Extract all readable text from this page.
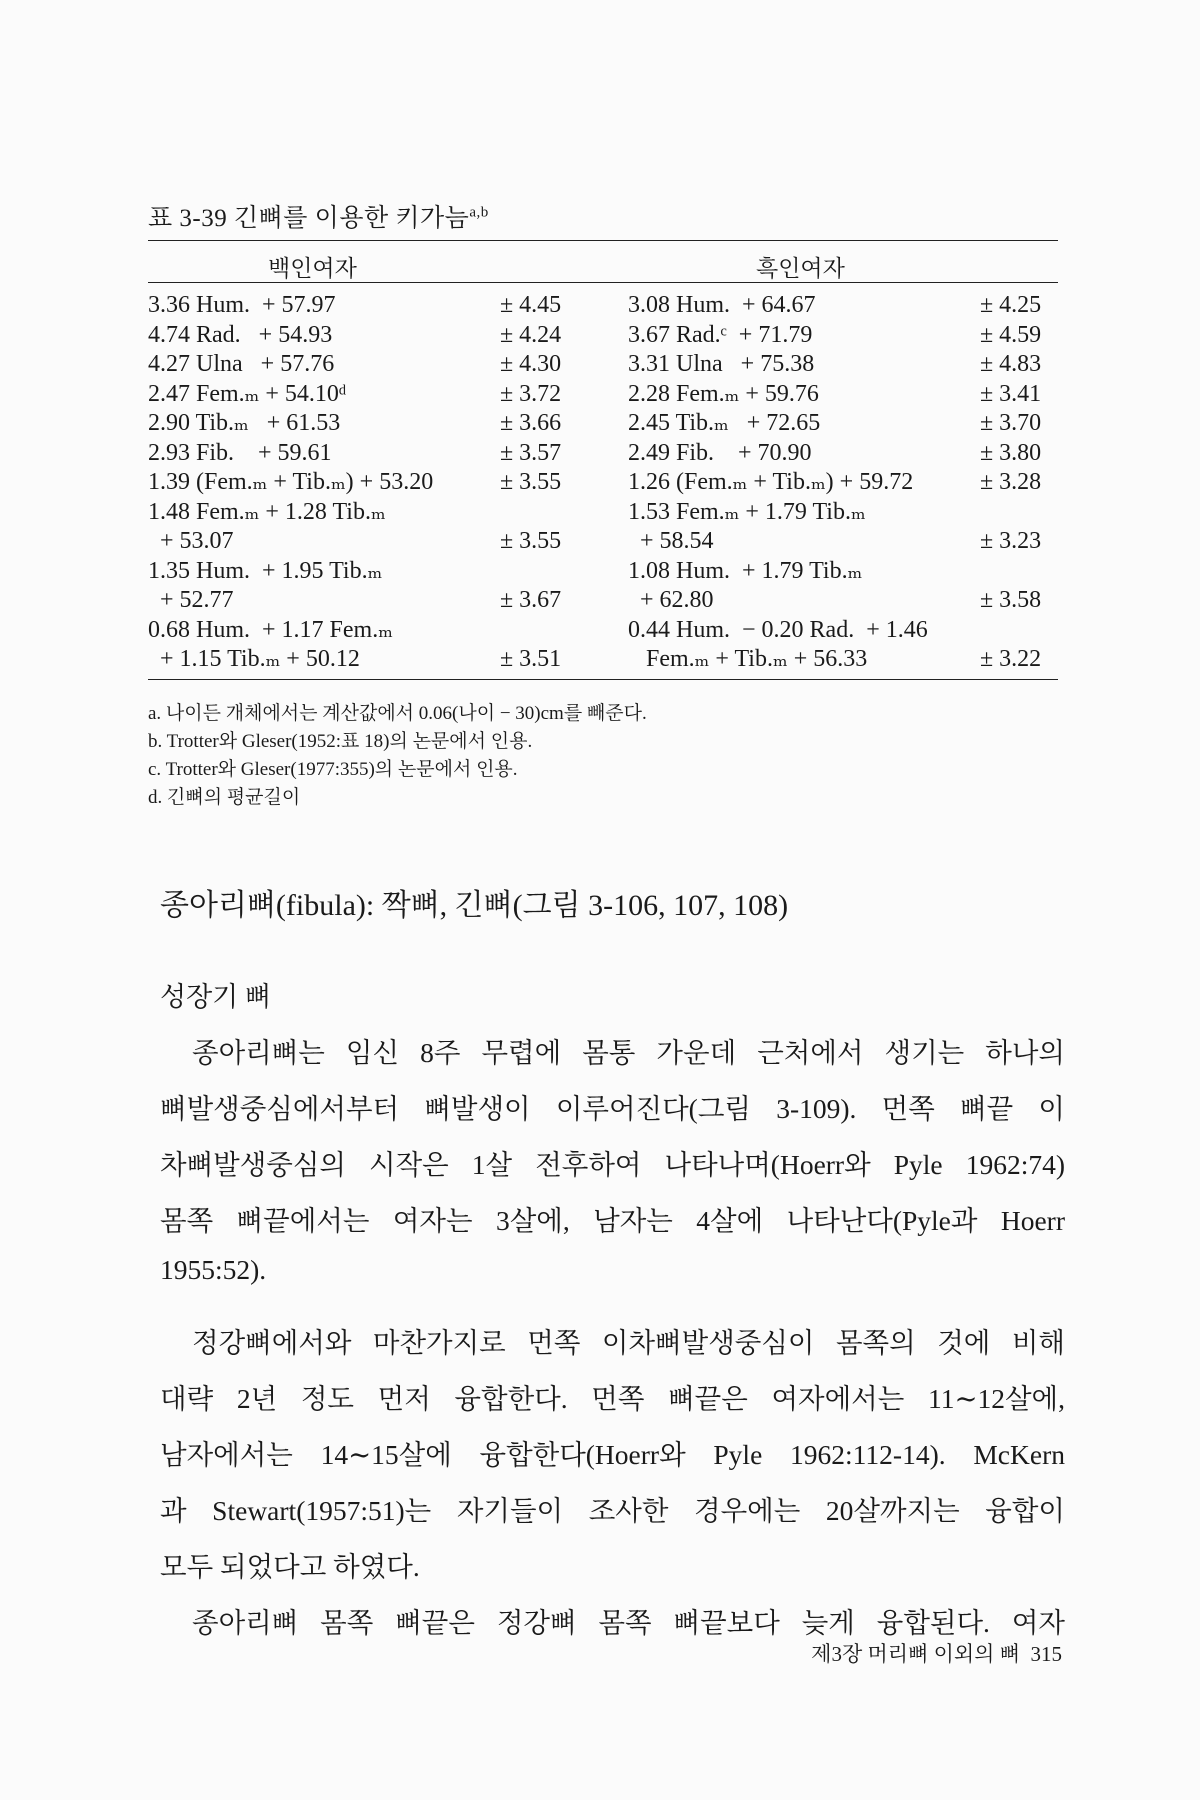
표 3-39 긴뼈를 이용한 키가늠$^{a,b}$
백인여자	흑인여자
3.36 Hum.  + 57.97	± 4.45	3.08 Hum.  + 64.67	± 4.25
4.74 Rad.   + 54.93	± 4.24	3.67 Rad.ᶜ  + 71.79	± 4.59
4.27 Ulna   + 57.76	± 4.30	3.31 Ulna   + 75.38	± 4.83
2.47 Fem.ₘ + 54.10ᵈ	± 3.72	2.28 Fem.ₘ + 59.76	± 3.41
2.90 Tib.ₘ   + 61.53	± 3.66	2.45 Tib.ₘ   + 72.65	± 3.70
2.93 Fib.    + 59.61	± 3.57	2.49 Fib.    + 70.90	± 3.80
1.39 (Fem.ₘ + Tib.ₘ) + 53.20	± 3.55	1.26 (Fem.ₘ + Tib.ₘ) + 59.72	± 3.28
1.48 Fem.ₘ + 1.28 Tib.ₘ	1.53 Fem.ₘ + 1.79 Tib.ₘ
+ 53.07	± 3.55	+ 58.54	± 3.23
1.35 Hum.  + 1.95 Tib.ₘ	1.08 Hum.  + 1.79 Tib.ₘ
+ 52.77	± 3.67	+ 62.80	± 3.58
0.68 Hum.  + 1.17 Fem.ₘ	0.44 Hum.  − 0.20 Rad.  + 1.46
+ 1.15 Tib.ₘ + 50.12	± 3.51	Fem.ₘ + Tib.ₘ + 56.33	± 3.22
a. 나이든 개체에서는 계산값에서 0.06(나이 − 30)cm를 빼준다.
b. Trotter와 Gleser(1952:표 18)의 논문에서 인용.
c. Trotter와 Gleser(1977:355)의 논문에서 인용.
d. 긴뼈의 평균길이
종아리뼈(fibula): 짝뼈, 긴뼈(그림 3-106, 107, 108)
성장기 뼈
종아리뼈는 임신 8주 무렵에 몸통 가운데 근처에서 생기는 하나의
뼈발생중심에서부터 뼈발생이 이루어진다(그림 3-109). 먼쪽 뼈끝 이
차뼈발생중심의 시작은 1살 전후하여 나타나며(Hoerr와 Pyle 1962:74)
몸쪽 뼈끝에서는 여자는 3살에, 남자는 4살에 나타난다(Pyle과 Hoerr
1955:52).
정강뼈에서와 마찬가지로 먼쪽 이차뼈발생중심이 몸쪽의 것에 비해
대략 2년 정도 먼저 융합한다. 먼쪽 뼈끝은 여자에서는 11∼12살에,
남자에서는 14∼15살에 융합한다(Hoerr와 Pyle 1962:112-14). McKern
과 Stewart(1957:51)는 자기들이 조사한 경우에는 20살까지는 융합이
모두 되었다고 하였다.
종아리뼈 몸쪽 뼈끝은 정강뼈 몸쪽 뼈끝보다 늦게 융합된다. 여자
제3장 머리뼈 이외의 뼈 315
